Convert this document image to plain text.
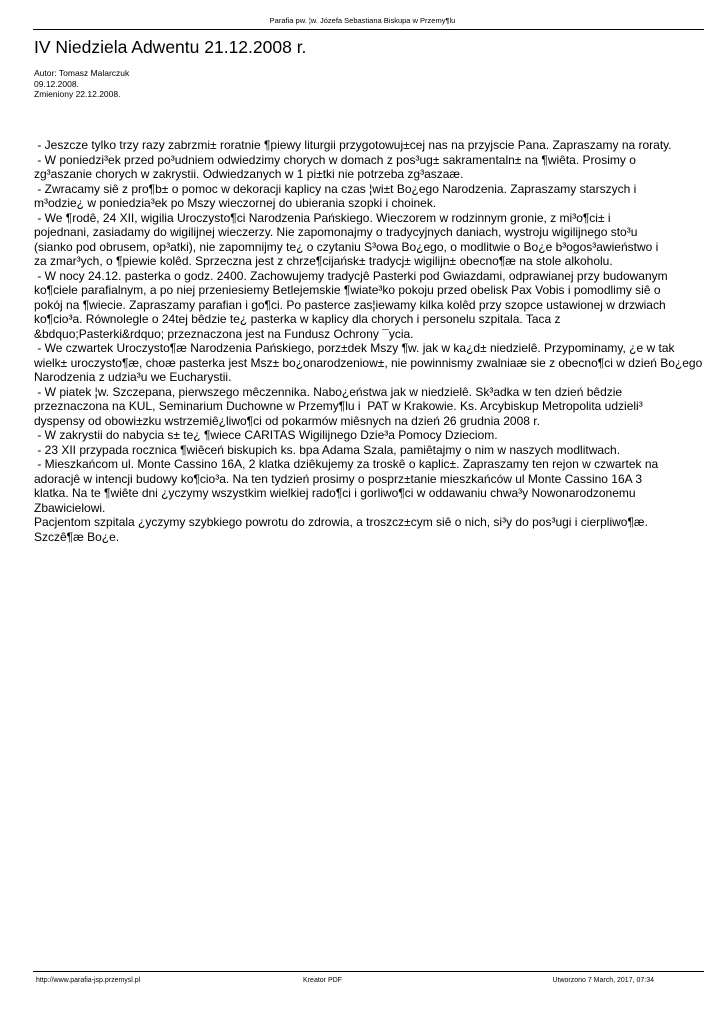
Parafia pw. ¦w. Józefa Sebastiana Biskupa w Przemy¶lu
IV Niedziela Adwentu 21.12.2008 r.
Autor: Tomasz Malarczuk
09.12.2008.
Zmieniony 22.12.2008.
- Jeszcze tylko trzy razy zabrzmi± roratnie ¶piewy liturgii przygotowuj±cej nas na przyjscie Pana. Zapraszamy na roraty.
- W poniedzi³ek przed po³udniem odwiedzimy chorych w domach z pos³ug± sakramentaln± na ¶wiêta. Prosimy o
zg³aszanie chorych w zakrystii. Odwiedzanych w 1 pi±tki nie potrzeba zg³aszaæ.
- Zwracamy siê z pro¶b± o pomoc w dekoracji kaplicy na czas ¦wi±t Bo¿ego Narodzenia. Zapraszamy starszych i
m³odzie¿ w poniedzia³ek po Mszy wieczornej do ubierania szopki i choinek.
- We ¶rodê, 24 XII, wigilia Uroczysto¶ci Narodzenia Pańskiego. Wieczorem w rodzinnym gronie, z mi³o¶ci± i
pojednani, zasiadamy do wigilijnej wieczerzy. Nie zapomonajmy o tradycyjnych daniach, wystroju wigilijnego sto³u
(sianko pod obrusem, op³atki), nie zapomnijmy te¿ o czytaniu S³owa Bo¿ego, o modlitwie o Bo¿e b³ogos³awieństwo i
za zmar³ych, o ¶piewie kolêd. Sprzeczna jest z chrze¶cijańsk± tradycj± wigilijn± obecno¶æ na stole alkoholu.
- W nocy 24.12. pasterka o godz. 2400. Zachowujemy tradycjê Pasterki pod Gwiazdami, odprawianej przy budowanym
ko¶ciele parafialnym, a po niej przeniesiemy Betlejemskie ¶wiate³ko pokoju przed obelisk Pax Vobis i pomodlimy siê o
pokój na ¶wiecie. Zapraszamy parafian i go¶ci. Po pasterce zas¦iewamy kilka kolêd przy szopce ustawionej w drzwiach
ko¶cio³a. Równolegle o 24tej bêdzie te¿ pasterka w kaplicy dla chorych i personelu szpitala. Taca z
&bdquo;Pasterki&rdquo; przeznaczona jest na Fundusz Ochrony ¯ycia.
- We czwartek Uroczysto¶æ Narodzenia Pańskiego, porz±dek Mszy ¶w. jak w ka¿d± niedzielê. Przypominamy, ¿e w tak
wielk± uroczysto¶æ, choæ pasterka jest Msz± bo¿onarodzeniow±, nie powinnismy zwalniaæ sie z obecno¶ci w dzień Bo¿ego
Narodzenia z udzia³u we Eucharystii.
- W piatek ¦w. Szczepana, pierwszego mêczennika. Nabo¿eństwa jak w niedzielê. Sk³adka w ten dzień bêdzie
przeznaczona na KUL, Seminarium Duchowne w Przemy¶lu i  PAT w Krakowie. Ks. Arcybiskup Metropolita udzieli³
dyspensy od obowi±zku wstrzemiê¿liwo¶ci od pokarmów miêsnych na dzień 26 grudnia 2008 r.
- W zakrystii do nabycia s± te¿ ¶wiece CARITAS Wigilijnego Dzie³a Pomocy Dzieciom.
- 23 XII przypada rocznica ¶wiêceń biskupich ks. bpa Adama Szala, pamiêtajmy o nim w naszych modlitwach.
- Mieszkańcom ul. Monte Cassino 16A, 2 klatka dziêkujemy za troskê o kaplic±. Zapraszamy ten rejon w czwartek na
adoracjê w intencji budowy ko¶cio³a. Na ten tydzień prosimy o posprz±tanie mieszkańców ul Monte Cassino 16A 3
klatka. Na te ¶wiête dni ¿yczymy wszystkim wielkiej rado¶ci i gorliwo¶ci w oddawaniu chwa³y Nowonarodzonemu
Zbawicielowi.
Pacjentom szpitala ¿yczymy szybkiego powrotu do zdrowia, a troszcz±cym siê o nich, si³y do pos³ugi i cierpliwo¶æ.
Szczê¶æ Bo¿e.
http://www.parafia-jsp.przemysl.pl	Kreator PDF	Utworzono 7 March, 2017, 07:34
